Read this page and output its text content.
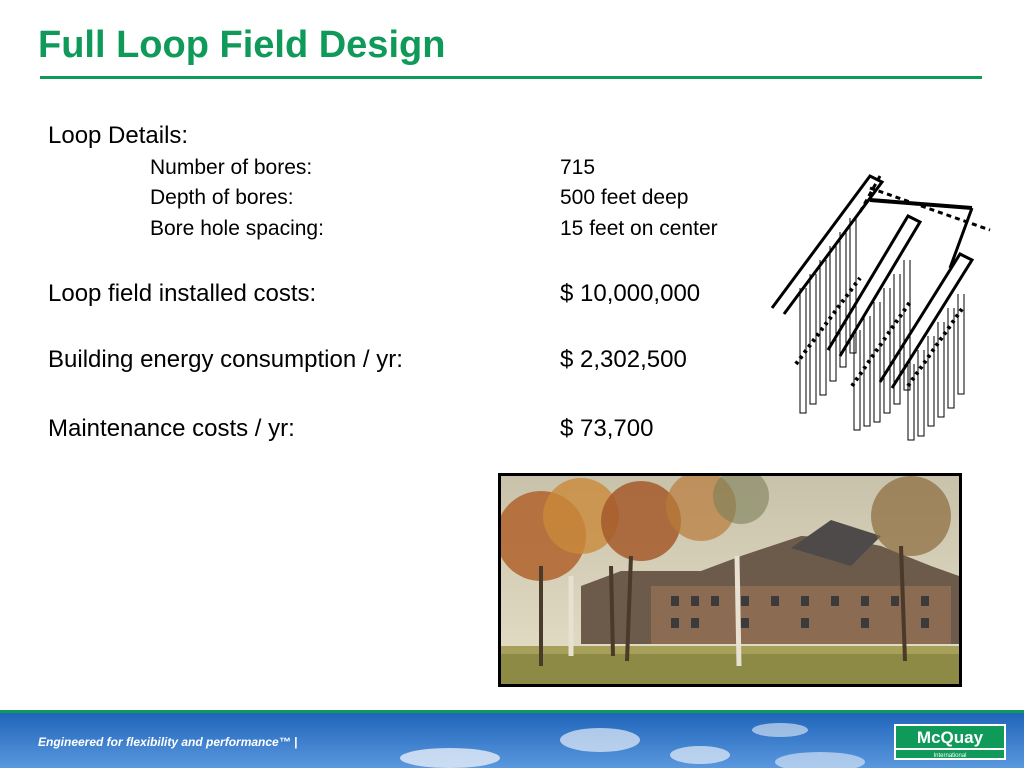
Full Loop Field Design
Loop Details:
Number of bores:	715
Depth of bores:	500 feet deep
Bore hole spacing:	15 feet on center
Loop field installed costs:	$ 10,000,000
Building energy consumption / yr:	$ 2,302,500
Maintenance costs / yr:	$ 73,700
Engineered for flexibility and performance™ |	McQuay
International
